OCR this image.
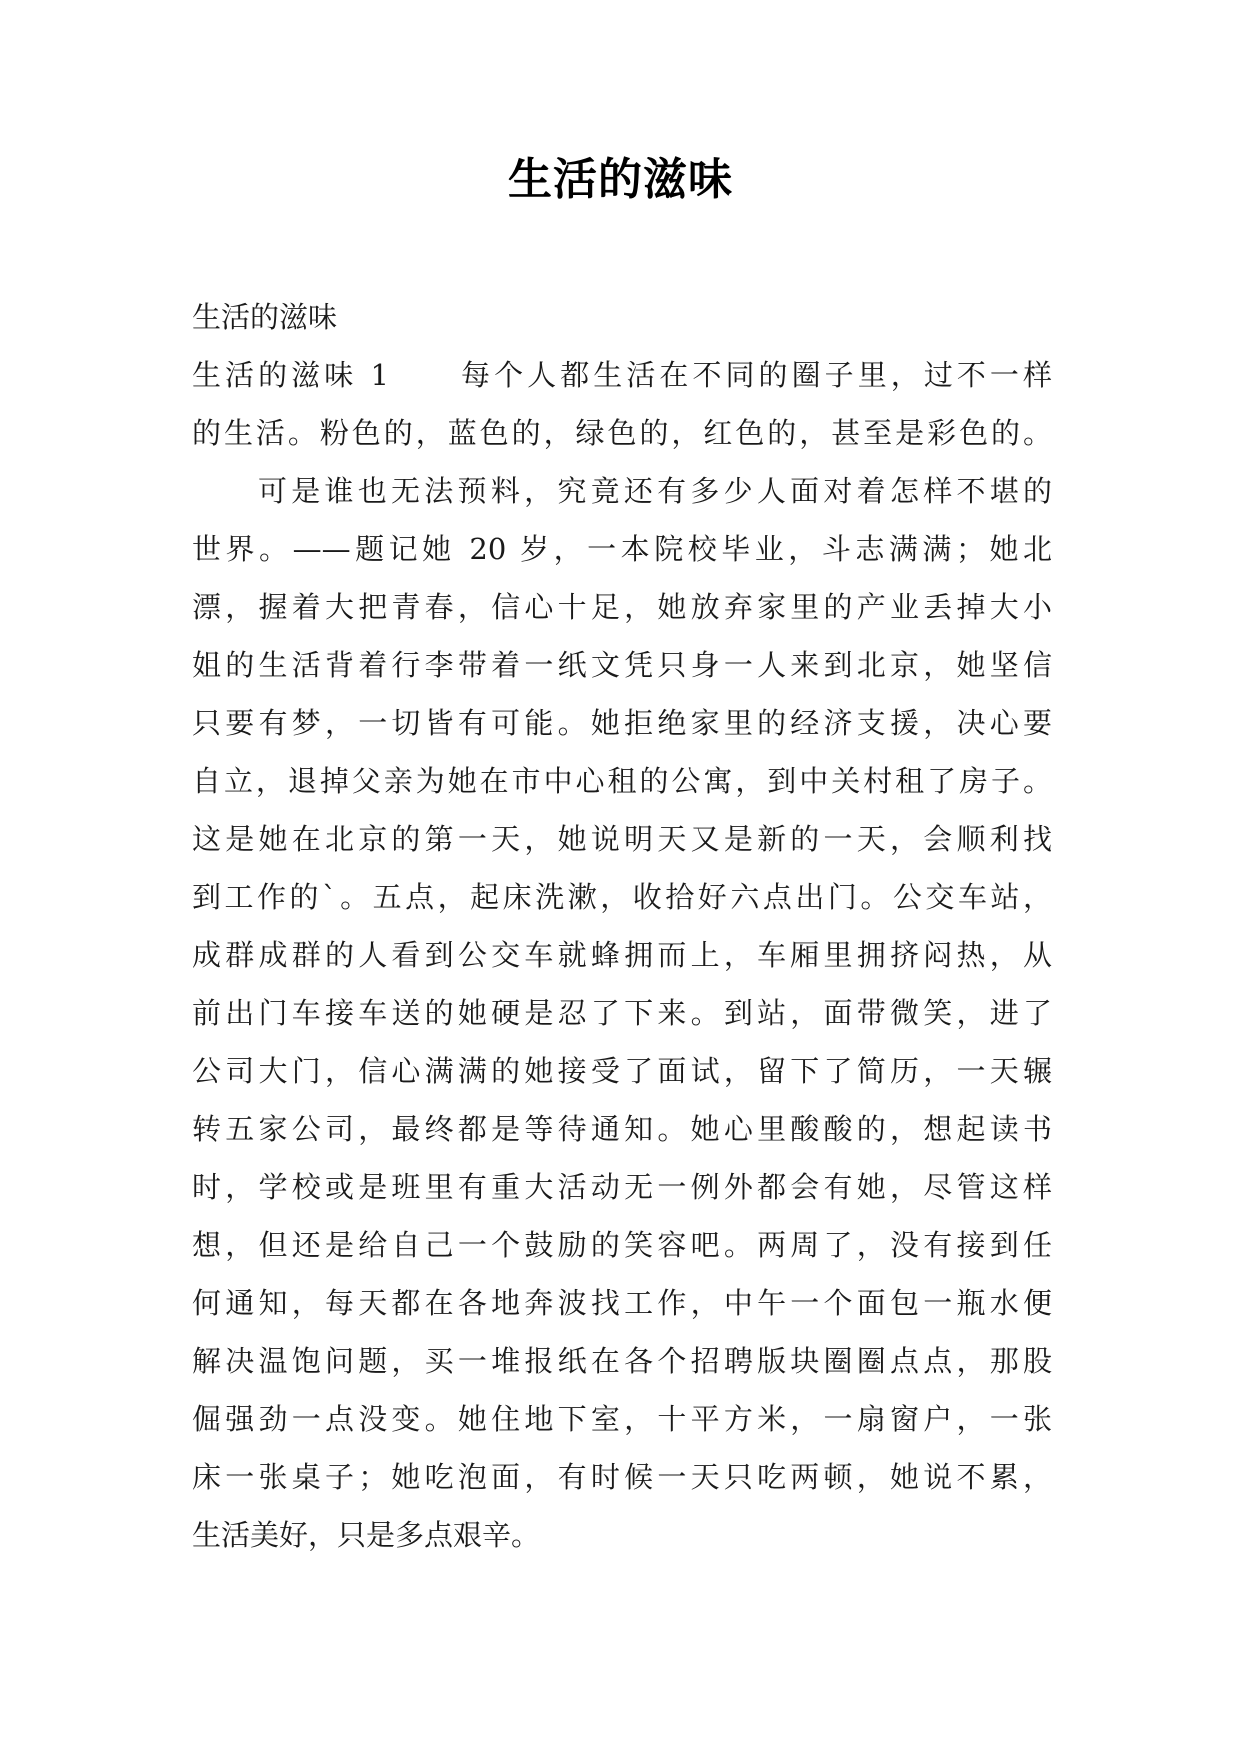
生活的滋味
生活的滋味
生活的滋味 1 每个人都生活在不同的圈子里，过不一样
的生活。粉色的，蓝色的，绿色的，红色的，甚至是彩色的。
可是谁也无法预料，究竟还有多少人面对着怎样不堪的
世界。——题记她 20 岁，一本院校毕业，斗志满满；她北
漂，握着大把青春，信心十足，她放弃家里的产业丢掉大小
姐的生活背着行李带着一纸文凭只身一人来到北京，她坚信
只要有梦，一切皆有可能。她拒绝家里的经济支援，决心要
自立，退掉父亲为她在市中心租的公寓，到中关村租了房子。
这是她在北京的第一天，她说明天又是新的一天，会顺利找
到工作的`。五点，起床洗漱，收拾好六点出门。公交车站，
成群成群的人看到公交车就蜂拥而上，车厢里拥挤闷热，从
前出门车接车送的她硬是忍了下来。到站，面带微笑，进了
公司大门，信心满满的她接受了面试，留下了简历，一天辗
转五家公司，最终都是等待通知。她心里酸酸的，想起读书
时，学校或是班里有重大活动无一例外都会有她，尽管这样
想，但还是给自己一个鼓励的笑容吧。两周了，没有接到任
何通知，每天都在各地奔波找工作，中午一个面包一瓶水便
解决温饱问题，买一堆报纸在各个招聘版块圈圈点点，那股
倔强劲一点没变。她住地下室，十平方米，一扇窗户，一张
床一张桌子；她吃泡面，有时候一天只吃两顿，她说不累，
生活美好，只是多点艰辛。
